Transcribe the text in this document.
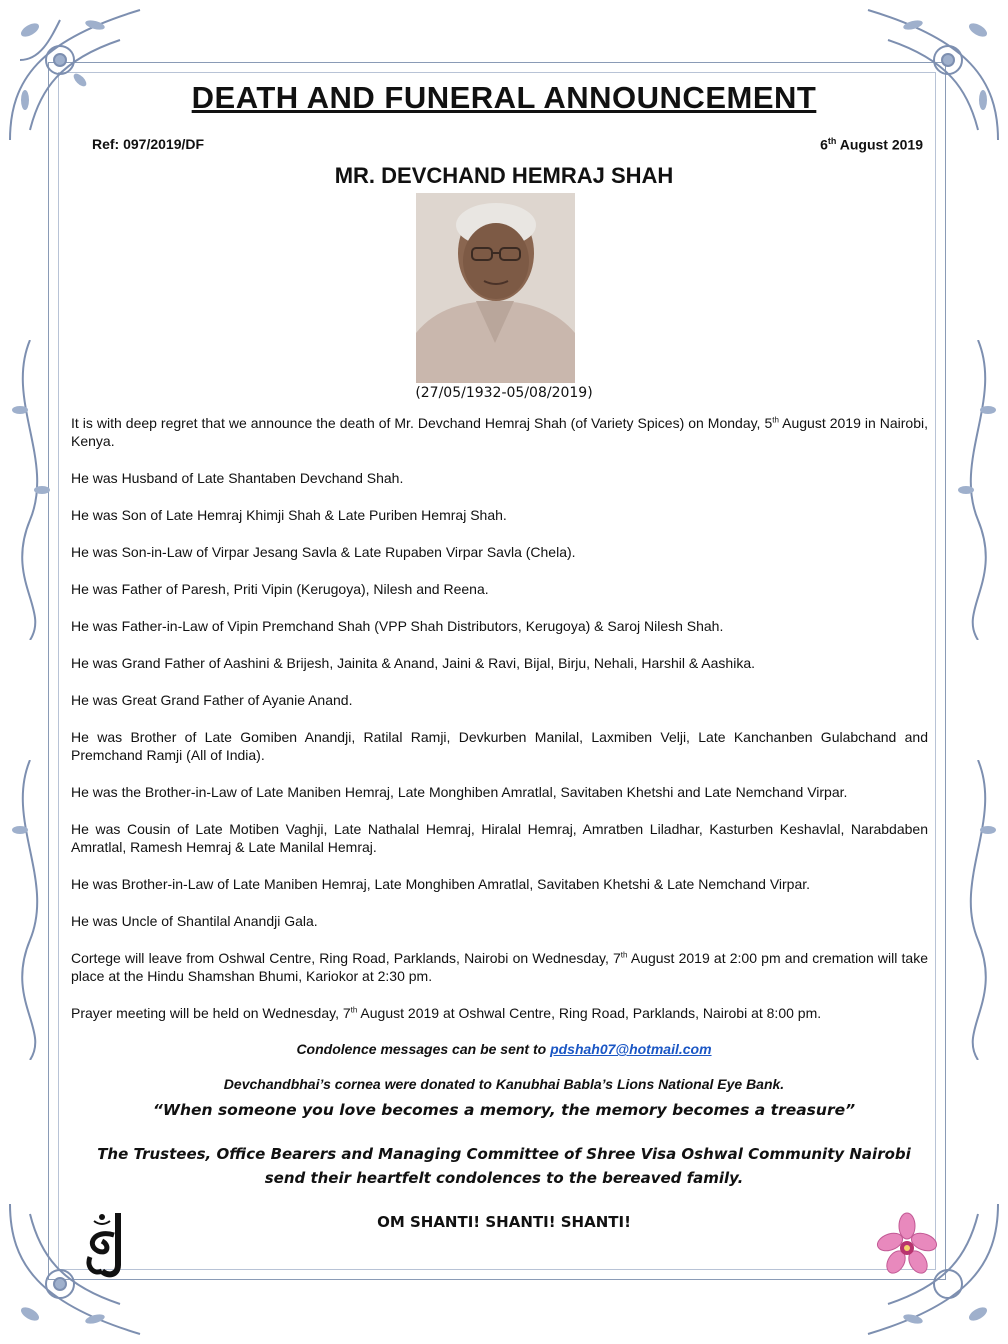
DEATH AND FUNERAL ANNOUNCEMENT
Ref: 097/2019/DF	6th August 2019
MR. DEVCHAND HEMRAJ SHAH
(27/05/1932-05/08/2019)

It is with deep regret that we announce the death of Mr. Devchand Hemraj Shah (of Variety Spices) on Monday, 5th August 2019 in Nairobi, Kenya.

He was Husband of Late Shantaben Devchand Shah.

He was Son of Late Hemraj Khimji Shah & Late Puriben Hemraj Shah.

He was Son-in-Law of Virpar Jesang Savla & Late Rupaben Virpar Savla (Chela).

He was Father of Paresh, Priti Vipin (Kerugoya), Nilesh and Reena.

He was Father-in-Law of Vipin Premchand Shah (VPP Shah Distributors, Kerugoya) & Saroj Nilesh Shah.

He was Grand Father of Aashini & Brijesh, Jainita & Anand, Jaini & Ravi, Bijal, Birju, Nehali, Harshil & Aashika.

He was Great Grand Father of Ayanie Anand.

He was Brother of Late Gomiben Anandji, Ratilal Ramji, Devkurben Manilal, Laxmiben Velji, Late Kanchanben Gulabchand and Premchand Ramji (All of India).

He was the Brother-in-Law of Late Maniben Hemraj, Late Monghiben Amratlal, Savitaben Khetshi and Late Nemchand Virpar.

He was Cousin of Late Motiben Vaghji, Late Nathalal Hemraj, Hiralal Hemraj, Amratben Liladhar, Kasturben Keshavlal, Narabdaben Amratlal, Ramesh Hemraj & Late Manilal Hemraj.

He was Brother-in-Law of Late Maniben Hemraj, Late Monghiben Amratlal, Savitaben Khetshi & Late Nemchand Virpar.

He was Uncle of Shantilal Anandji Gala.

Cortege will leave from Oshwal Centre, Ring Road, Parklands, Nairobi on Wednesday, 7th August 2019 at 2:00 pm and cremation will take place at the Hindu Shamshan Bhumi, Kariokor at 2:30 pm.

Prayer meeting will be held on Wednesday, 7th August 2019 at Oshwal Centre, Ring Road, Parklands, Nairobi at 8:00 pm.

Condolence messages can be sent to pdshah07@hotmail.com
Devchandbhai’s cornea were donated to Kanubhai Babla’s Lions National Eye Bank.
“When someone you love becomes a memory, the memory becomes a treasure”
The Trustees, Office Bearers and Managing Committee of Shree Visa Oshwal Community Nairobi
send their heartfelt condolences to the bereaved family.
OM SHANTI! SHANTI! SHANTI!
